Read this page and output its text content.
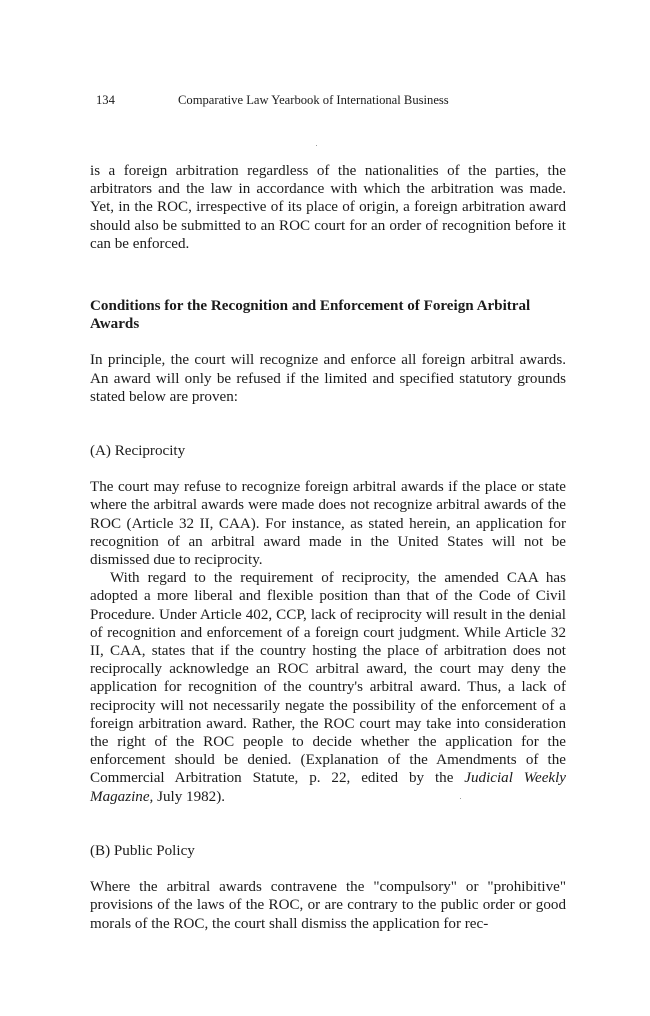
134	Comparative Law Yearbook of International Business

is a foreign arbitration regardless of the nationalities of the parties, the arbitrators and the law in accordance with which the arbitration was made. Yet, in the ROC, irrespective of its place of origin, a foreign arbitration award should also be submitted to an ROC court for an order of recognition before it can be enforced.

Conditions for the Recognition and Enforcement of Foreign Arbitral Awards

In principle, the court will recognize and enforce all foreign arbitral awards. An award will only be refused if the limited and specified statutory grounds stated below are proven:

(A) Reciprocity

The court may refuse to recognize foreign arbitral awards if the place or state where the arbitral awards were made does not recognize arbitral awards of the ROC (Article 32 II, CAA). For instance, as stated herein, an application for recognition of an arbitral award made in the United States will not be dismissed due to reciprocity.

With regard to the requirement of reciprocity, the amended CAA has adopted a more liberal and flexible position than that of the Code of Civil Procedure. Under Article 402, CCP, lack of reciprocity will result in the denial of recognition and enforcement of a foreign court judgment. While Article 32 II, CAA, states that if the country hosting the place of arbitration does not reciprocally acknowledge an ROC arbitral award, the court may deny the application for recognition of the country's arbitral award. Thus, a lack of reciprocity will not necessarily negate the possibility of the enforcement of a foreign arbitration award. Rather, the ROC court may take into consideration the right of the ROC people to decide whether the application for the enforcement should be denied. (Explanation of the Amendments of the Commercial Arbitration Statute, p. 22, edited by the Judicial Weekly Magazine, July 1982).

(B) Public Policy

Where the arbitral awards contravene the "compulsory" or "prohibitive" provisions of the laws of the ROC, or are contrary to the public order or good morals of the ROC, the court shall dismiss the application for rec-
